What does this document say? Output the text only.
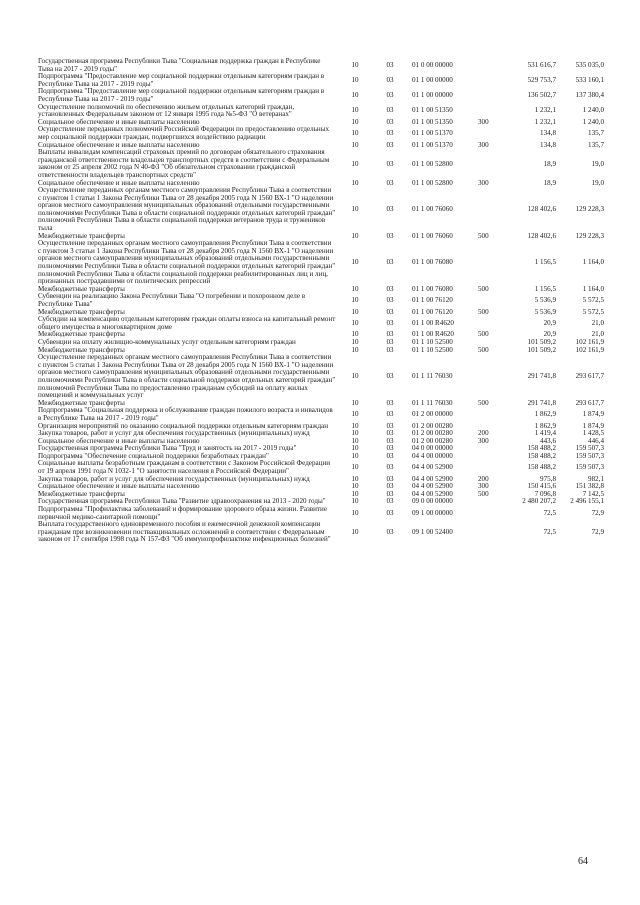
Государственная программа Республики Тыва "Социальная поддержка граждан в Республике Тыва на 2017 - 2019 годы"	10	03	01 0 00 00000		531 616,7	535 035,0
Подпрограмма "Предоставление мер социальной поддержки отдельным категориям граждан в Республике Тыва на 2017 - 2019 годы"	10	03	01 1 00 00000		529 753,7	533 160,1
Подпрограмма "Предоставление мер социальной поддержки отдельным категориям граждан в Республике Тыва на 2017 - 2019 годы"	10	03	01 1 00 00000		136 502,7	137 380,4
Осуществление полномочий по обеспечению жильем отдельных категорий граждан, установленных Федеральным законом от 12 января 1995 года №5-ФЗ "О ветеранах"	10	03	01 1 00 51350		1 232,1	1 240,0
Социальное обеспечение и иные выплаты населению	10	03	01 1 00 51350	300	1 232,1	1 240,0
Осуществление переданных полномочий Российской Федерации по предоставлению отдельных мер социальной поддержки граждан, подвергшихся воздействию радиации	10	03	01 1 00 51370		134,8	135,7
Социальное обеспечение и иные выплаты населению	10	03	01 1 00 51370	300	134,8	135,7
Выплаты инвалидам компенсаций страховых премий по договорам обязательного страхования гражданской ответственности владельцев транспортных средств в соответствии с Федеральным законом от 25 апреля 2002 года N 40-ФЗ "Об обязательном страховании гражданской ответственности владельцев транспортных средств"	10	03	01 1 00 52800		18,9	19,0
Социальное обеспечение и иные выплаты населению	10	03	01 1 00 52800	300	18,9	19,0
Осуществление переданных органам местного самоуправления Республики Тыва в соответствии с пунктом 1 статьи 1 Закона Республики Тыва от 28 декабря 2005 года N 1560 ВХ-1 "О наделении органов местного самоуправления муниципальных образований отдельными государственными полномочиями Республики Тыва в области социальной поддержки отдельных категорий граждан" полномочий Республики Тыва в области социальной поддержки ветеранов труда и тружеников тыла	10	03	01 1 00 76060		128 402,6	129 228,3
Межбюджетные трансферты	10	03	01 1 00 76060	500	128 402,6	129 228,3
Осуществление переданных органам местного самоуправления Республики Тыва в соответствии с пунктом 3 статьи 1 Закона Республики Тыва от 28 декабря 2005 года N 1560 ВХ-1 "О наделении органов местного самоуправления муниципальных образований отдельными государственными полномочиями Республики Тыва в области социальной поддержки отдельных категорий граждан" полномочий Республики Тыва в области социальной поддержки реабилитированных лиц и лиц, признанных пострадавшими от политических репрессий	10	03	01 1 00 76080		1 156,5	1 164,0
Межбюджетные трансферты	10	03	01 1 00 76080	500	1 156,5	1 164,0
Субвенции на реализацию Закона Республики Тыва "О погребении и похоронном деле в Республике Тыва"	10	03	01 1 00 76120		5 536,9	5 572,5
Межбюджетные трансферты	10	03	01 1 00 76120	500	5 536,9	5 572,5
Субсидии на компенсацию отдельным категориям граждан оплаты взноса на капитальный ремонт общего имущества в многоквартирном доме	10	03	01 1 00 R4620		20,9	21,0
Межбюджетные трансферты	10	03	01 1 00 R4620	500	20,9	21,0
Субвенции на оплату жилищно-коммунальных услуг отдельным категориям граждан	10	03	01 1 10 52500		101 509,2	102 161,9
Межбюджетные трансферты	10	03	01 1 10 52500	500	101 509,2	102 161,9
Осуществление переданных органам местного самоуправления Республики Тыва в соответствии с пунктом 5 статьи 1 Закона Республики Тыва от 28 декабря 2005 года N 1560 ВХ-1 "О наделении органов местного самоуправления муниципальных образований отдельными государственными полномочиями Республики Тыва в области социальной поддержки отдельных категорий граждан" полномочий Республики Тыва по предоставлению гражданам субсидий на оплату жилых помещений и коммунальных услуг	10	03	01 1 11 76030		291 741,8	293 617,7
Межбюджетные трансферты	10	03	01 1 11 76030	500	291 741,8	293 617,7
Подпрограмма "Социальная поддержка и обслуживание граждан пожилого возраста и инвалидов в Республике Тыва на 2017 - 2019 годы"	10	03	01 2 00 00000		1 862,9	1 874,9
Организация мероприятий по оказанию социальной поддержки отдельным категориям граждан	10	03	01 2 00 00280		1 862,9	1 874,9
Закупка товаров, работ и услуг для обеспечения государственных (муниципальных) нужд	10	03	01 2 00 00280	200	1 419,4	1 428,5
Социальное обеспечение и иные выплаты населению	10	03	01 2 00 00280	300	443,6	446,4
Государственная программа Республики Тыва "Труд и занятость на 2017 - 2019 годы"	10	03	04 0 00 00000		158 488,2	159 507,3
Подпрограмма "Обеспечение социальной поддержки безработных граждан"	10	03	04 4 00 00000		158 488,2	159 507,3
Социальные выплаты безработным гражданам в соответствии с Законом Российской Федерации от 19 апреля 1991 года N 1032-1 "О занятости населения в Российской Федерации"	10	03	04 4 00 52900		158 488,2	159 507,3
Закупка товаров, работ и услуг для обеспечения государственных (муниципальных) нужд	10	03	04 4 00 52900	200	975,8	982,1
Социальное обеспечение и иные выплаты населению	10	03	04 4 00 52900	300	150 415,6	151 382,8
Межбюджетные трансферты	10	03	04 4 00 52900	500	7 096,8	7 142,5
Государственная программа Республики Тыва "Развитие здравоохранения на 2013 - 2020 годы"	10	03	09 0 00 00000		2 480 207,2	2 496 155,1
Подпрограмма "Профилактика заболеваний и формирование здорового образа жизни. Развитие первичной медико-санитарной помощи"	10	03	09 1 00 00000		72,5	72,9
Выплата государственного единовременного пособия и ежемесячной денежной компенсации гражданам при возникновении поствакцинальных осложнений в соответствии с Федеральным законом от 17 сентября 1998 года N 157-ФЗ "Об иммунопрофилактике инфекционных болезней"	10	03	09 1 00 52400		72,5	72,9
64
